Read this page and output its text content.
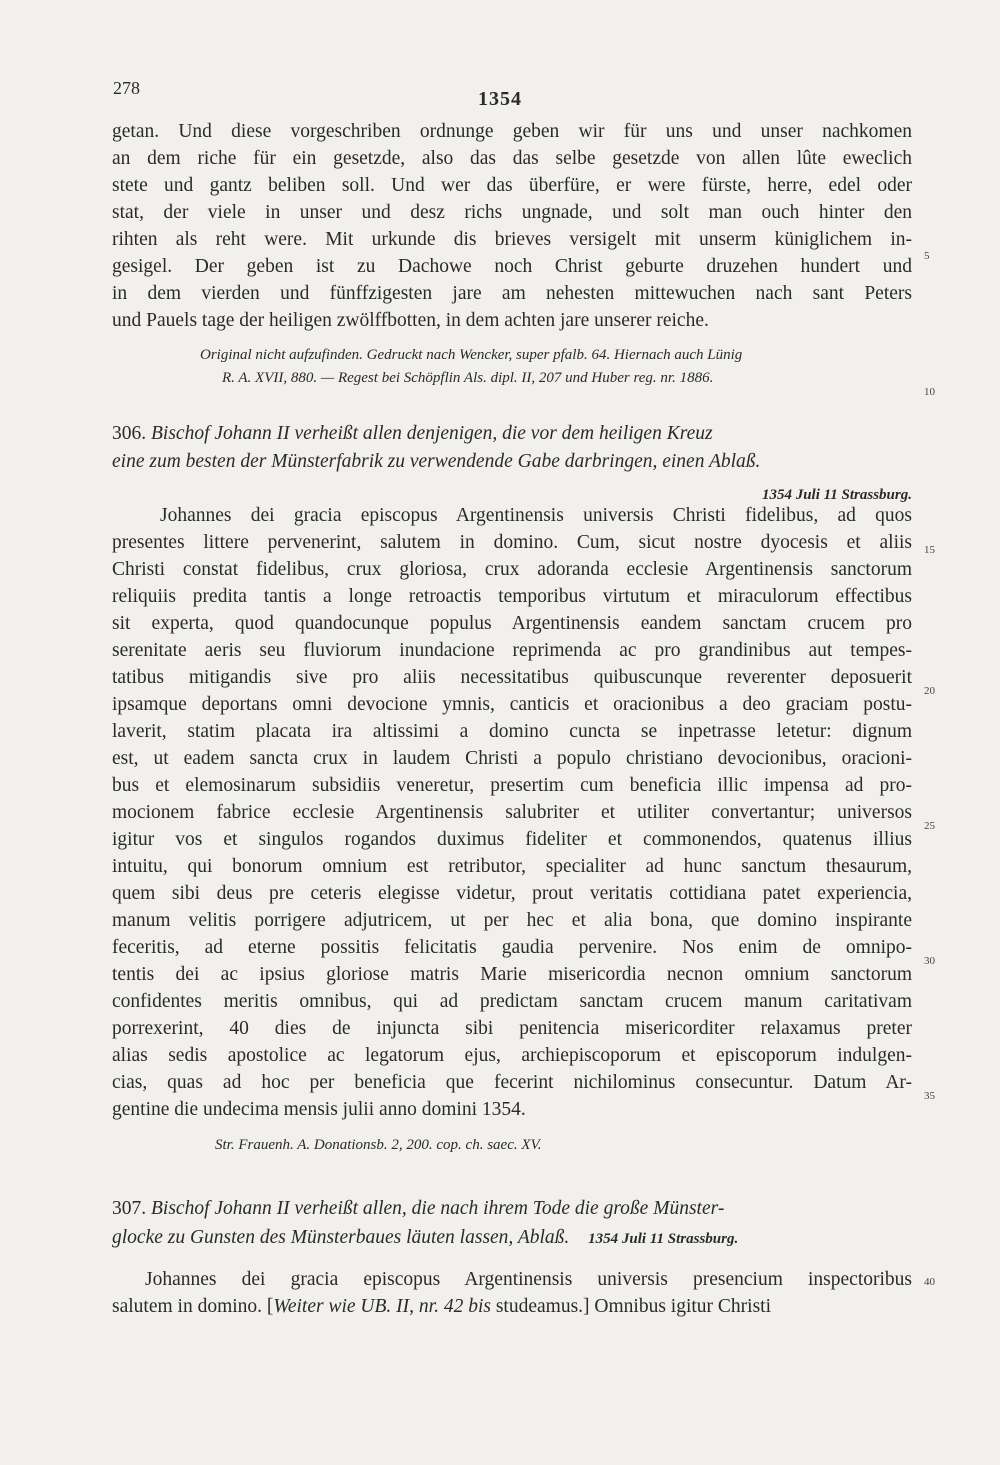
278	1354
getan. Und diese vorgeschriben ordnunge geben wir für uns und unser nachkomen
an dem riche für ein gesetzde, also das das selbe gesetzde von allen lûte eweclich
stete und gantz beliben soll. Und wer das überfüre, er were fürste, herre, edel oder
stat, der viele in unser und desz richs ungnade, und solt man ouch hinter den
rihten als reht were. Mit urkunde dis brieves versigelt mit unserm küniglichem in-
gesigel. Der geben ist zu Dachowe noch Christ geburte druzehen hundert und
in dem vierden und fünffzigesten jare am nehesten mittewuchen nach sant Peters
und Pauels tage der heiligen zwölffbotten, in dem achten jare unserer reiche.
Original nicht aufzufinden. Gedruckt nach Wencker, super pfalb. 64. Hiernach auch Lünig
R. A. XVII, 880. — Regest bei Schöpflin Als. dipl. II, 207 und Huber reg. nr. 1886.
306. Bischof Johann II verheißt allen denjenigen, die vor dem heiligen Kreuz
eine zum besten der Münsterfabrik zu verwendende Gabe darbringen, einen Ablaß.
1354 Juli 11 Strassburg.
Johannes dei gracia episcopus Argentinensis universis Christi fidelibus, ad quos
presentes littere pervenerint, salutem in domino. Cum, sicut nostre dyocesis et aliis
Christi constat fidelibus, crux gloriosa, crux adoranda ecclesie Argentinensis sanctorum
reliquiis predita tantis a longe retroactis temporibus virtutum et miraculorum effectibus
sit experta, quod quandocunque populus Argentinensis eandem sanctam crucem pro
serenitate aeris seu fluviorum inundacione reprimenda ac pro grandinibus aut tempes-
tatibus mitigandis sive pro aliis necessitatibus quibuscunque reverenter deposuerit
ipsamque deportans omni devocione ymnis, canticis et oracionibus a deo graciam postu-
laverit, statim placata ira altissimi a domino cuncta se inpetrasse letetur: dignum
est, ut eadem sancta crux in laudem Christi a populo christiano devocionibus, oracioni-
bus et elemosinarum subsidiis veneretur, presertim cum beneficia illic impensa ad pro-
mocionem fabrice ecclesie Argentinensis salubriter et utiliter convertantur; universos
igitur vos et singulos rogandos duximus fideliter et commonendos, quatenus illius
intuitu, qui bonorum omnium est retributor, specialiter ad hunc sanctum thesaurum,
quem sibi deus pre ceteris elegisse videtur, prout veritatis cottidiana patet experiencia,
manum velitis porrigere adjutricem, ut per hec et alia bona, que domino inspirante
feceritis, ad eterne possitis felicitatis gaudia pervenire. Nos enim de omnipo-
tentis dei ac ipsius gloriose matris Marie misericordia necnon omnium sanctorum
confidentes meritis omnibus, qui ad predictam sanctam crucem manum caritativam
porrexerint, 40 dies de injuncta sibi penitencia misericorditer relaxamus preter
alias sedis apostolice ac legatorum ejus, archiepiscoporum et episcoporum indulgen-
cias, quas ad hoc per beneficia que fecerint nichilominus consecuntur. Datum Ar-
gentine die undecima mensis julii anno domini 1354.
Str. Frauenh. A. Donationsb. 2, 200. cop. ch. saec. XV.
307. Bischof Johann II verheißt allen, die nach ihrem Tode die große Münster-
glocke zu Gunsten des Münsterbaues läuten lassen, Ablaß. 1354 Juli 11 Strassburg.
Johannes dei gracia episcopus Argentinensis universis presencium inspectoribus
salutem in domino. [Weiter wie UB. II, nr. 42 bis studeamus.] Omnibus igitur Christi
5
10
15
20
25
30
35
40
